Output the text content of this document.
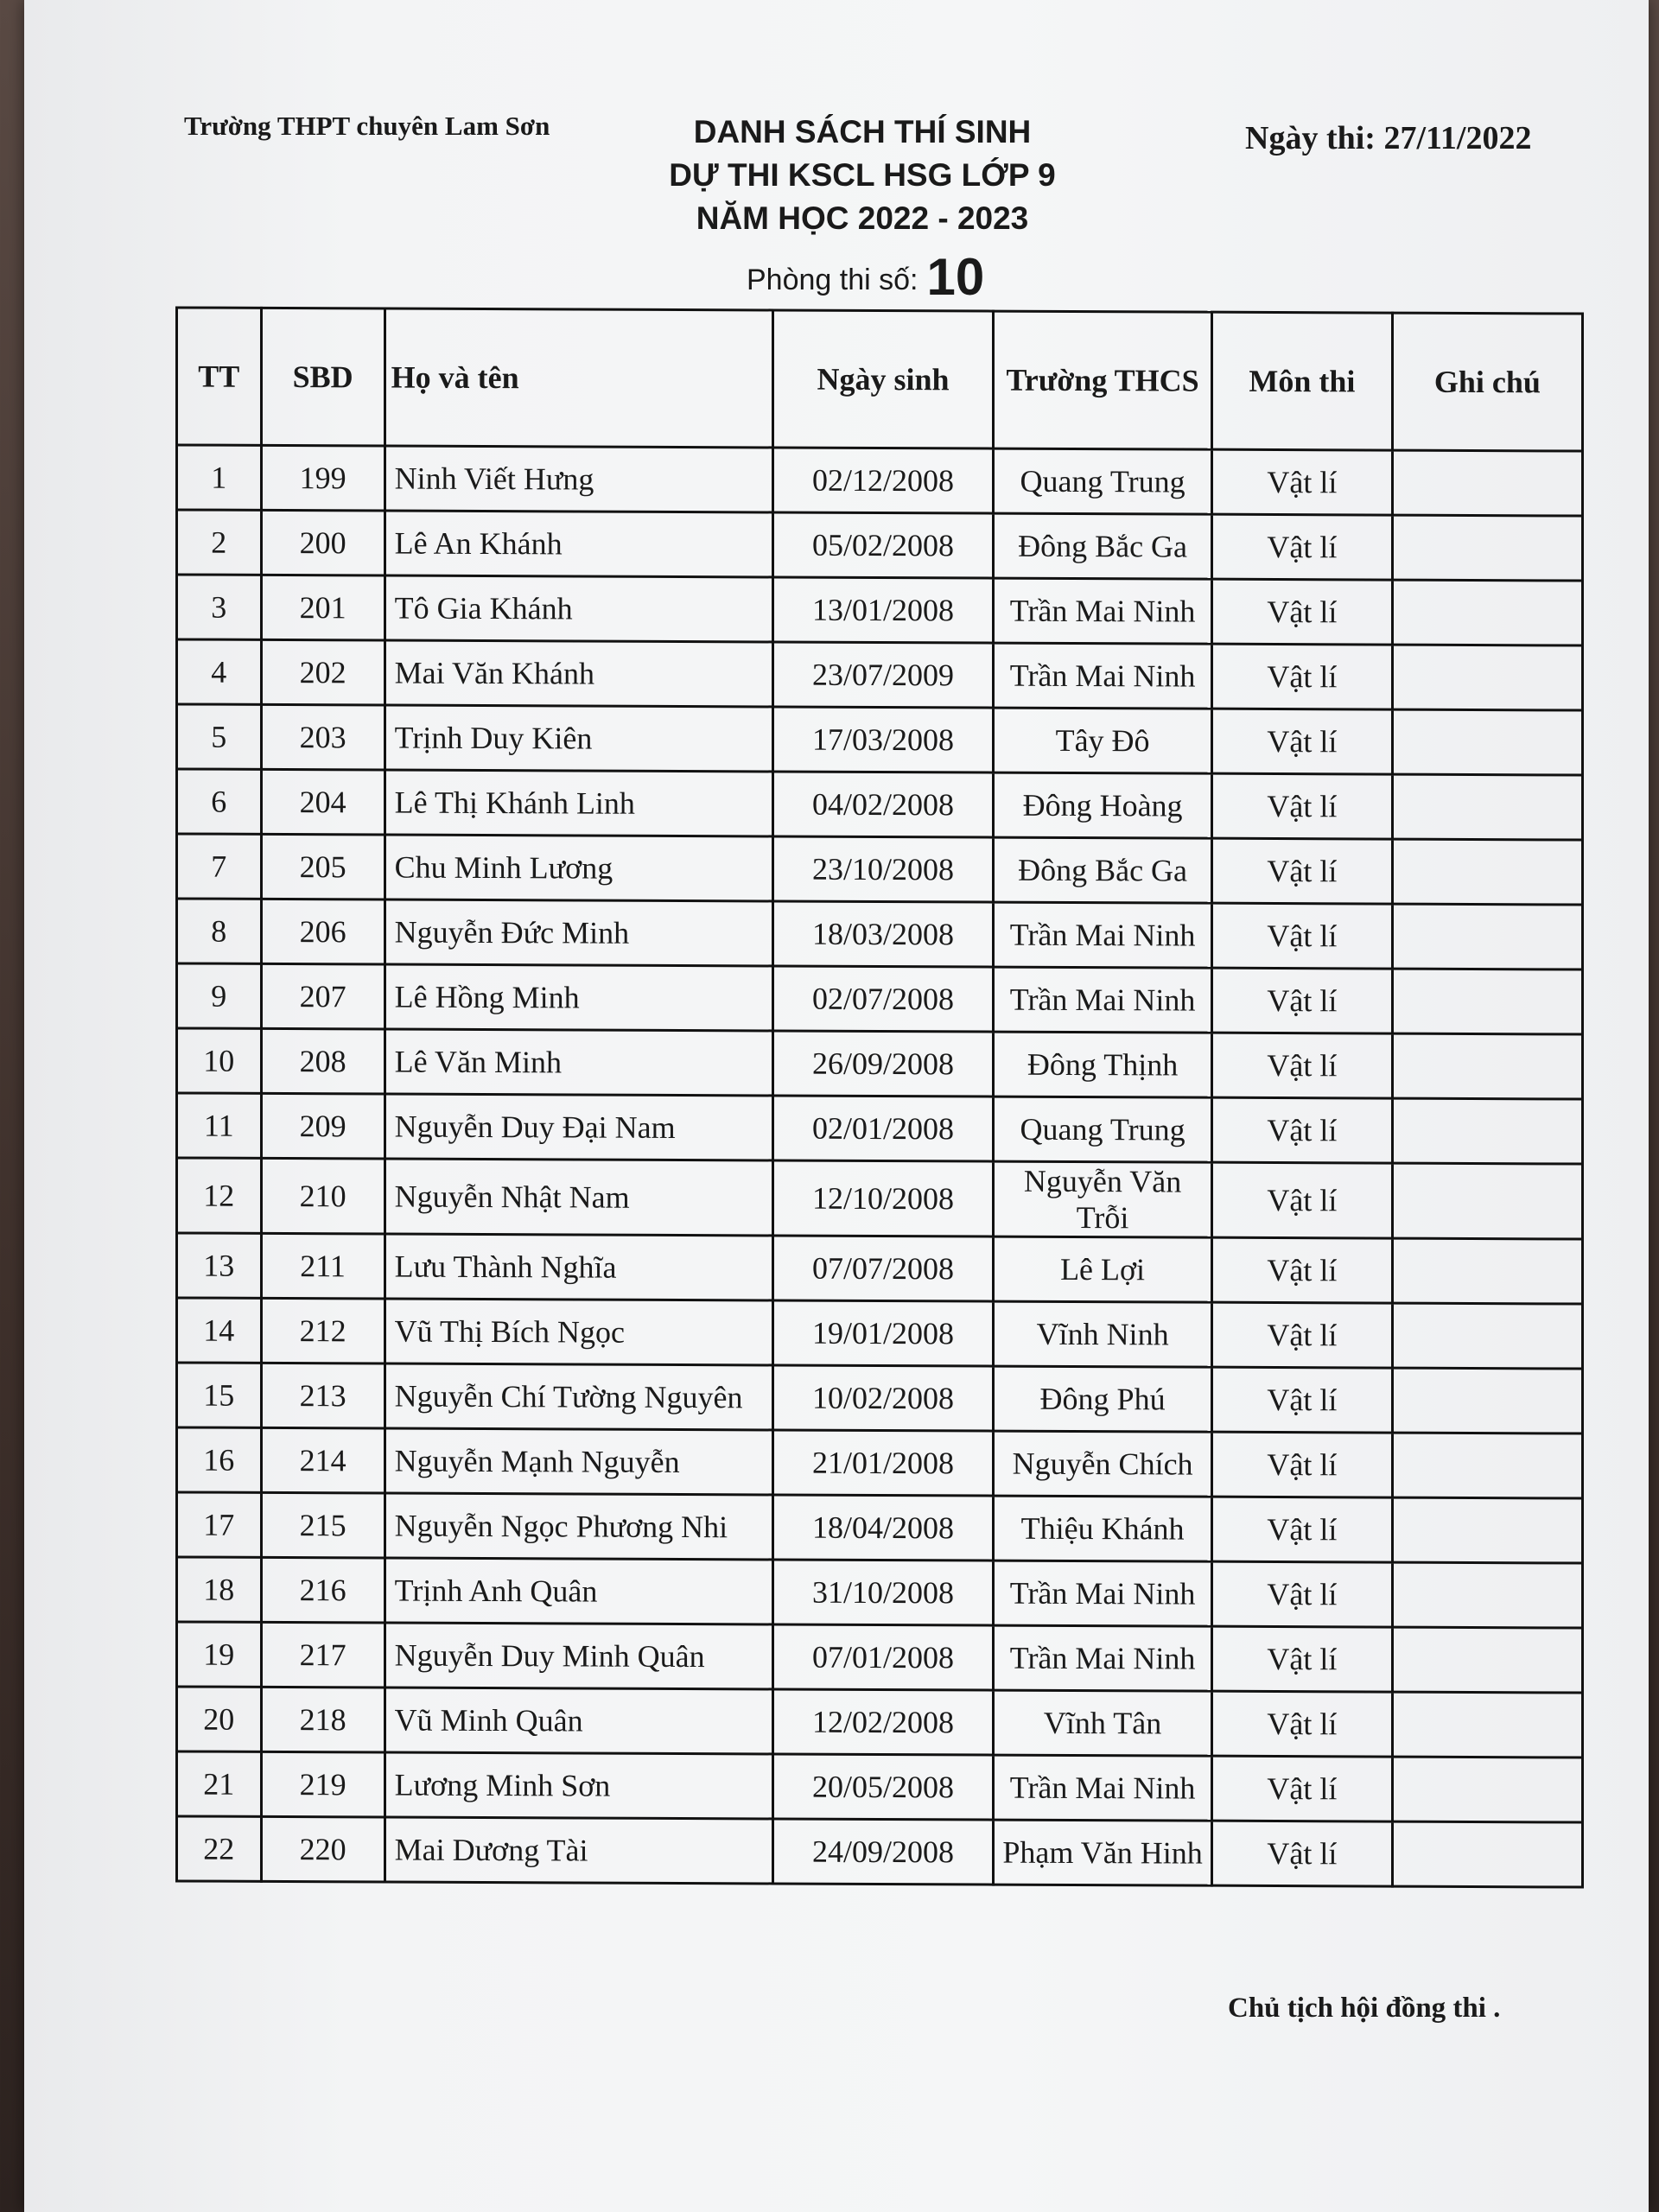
Trường THPT chuyên Lam Sơn	DANH SÁCH THÍ SINH
DỰ THI KSCL HSG LỚP 9
NĂM HỌC 2022 - 2023
Ngày thi: 27/11/2022
Phòng thi số: 10
TT	SBD	Họ và tên	Ngày sinh	Trường THCS	Môn thi	Ghi chú
1	199	Ninh Viết Hưng	02/12/2008	Quang Trung	Vật lí	
2	200	Lê An Khánh	05/02/2008	Đông Bắc Ga	Vật lí	
3	201	Tô Gia Khánh	13/01/2008	Trần Mai Ninh	Vật lí	
4	202	Mai Văn Khánh	23/07/2009	Trần Mai Ninh	Vật lí	
5	203	Trịnh Duy Kiên	17/03/2008	Tây Đô	Vật lí	
6	204	Lê Thị Khánh Linh	04/02/2008	Đông Hoàng	Vật lí	
7	205	Chu Minh Lương	23/10/2008	Đông Bắc Ga	Vật lí	
8	206	Nguyễn Đức Minh	18/03/2008	Trần Mai Ninh	Vật lí	
9	207	Lê Hồng Minh	02/07/2008	Trần Mai Ninh	Vật lí	
10	208	Lê Văn Minh	26/09/2008	Đông Thịnh	Vật lí	
11	209	Nguyễn Duy Đại Nam	02/01/2008	Quang Trung	Vật lí	
12	210	Nguyễn Nhật Nam	12/10/2008	Nguyễn Văn Trỗi	Vật lí	
13	211	Lưu Thành Nghĩa	07/07/2008	Lê Lợi	Vật lí	
14	212	Vũ Thị Bích Ngọc	19/01/2008	Vĩnh Ninh	Vật lí	
15	213	Nguyễn Chí Tường Nguyên	10/02/2008	Đông Phú	Vật lí	
16	214	Nguyễn Mạnh Nguyễn	21/01/2008	Nguyễn Chích	Vật lí	
17	215	Nguyễn Ngọc Phương Nhi	18/04/2008	Thiệu Khánh	Vật lí	
18	216	Trịnh Anh Quân	31/10/2008	Trần Mai Ninh	Vật lí	
19	217	Nguyễn Duy Minh Quân	07/01/2008	Trần Mai Ninh	Vật lí	
20	218	Vũ Minh Quân	12/02/2008	Vĩnh Tân	Vật lí	
21	219	Lương Minh Sơn	20/05/2008	Trần Mai Ninh	Vật lí	
22	220	Mai Dương Tài	24/09/2008	Phạm Văn Hinh	Vật lí	
Chủ tịch hội đồng thi .
